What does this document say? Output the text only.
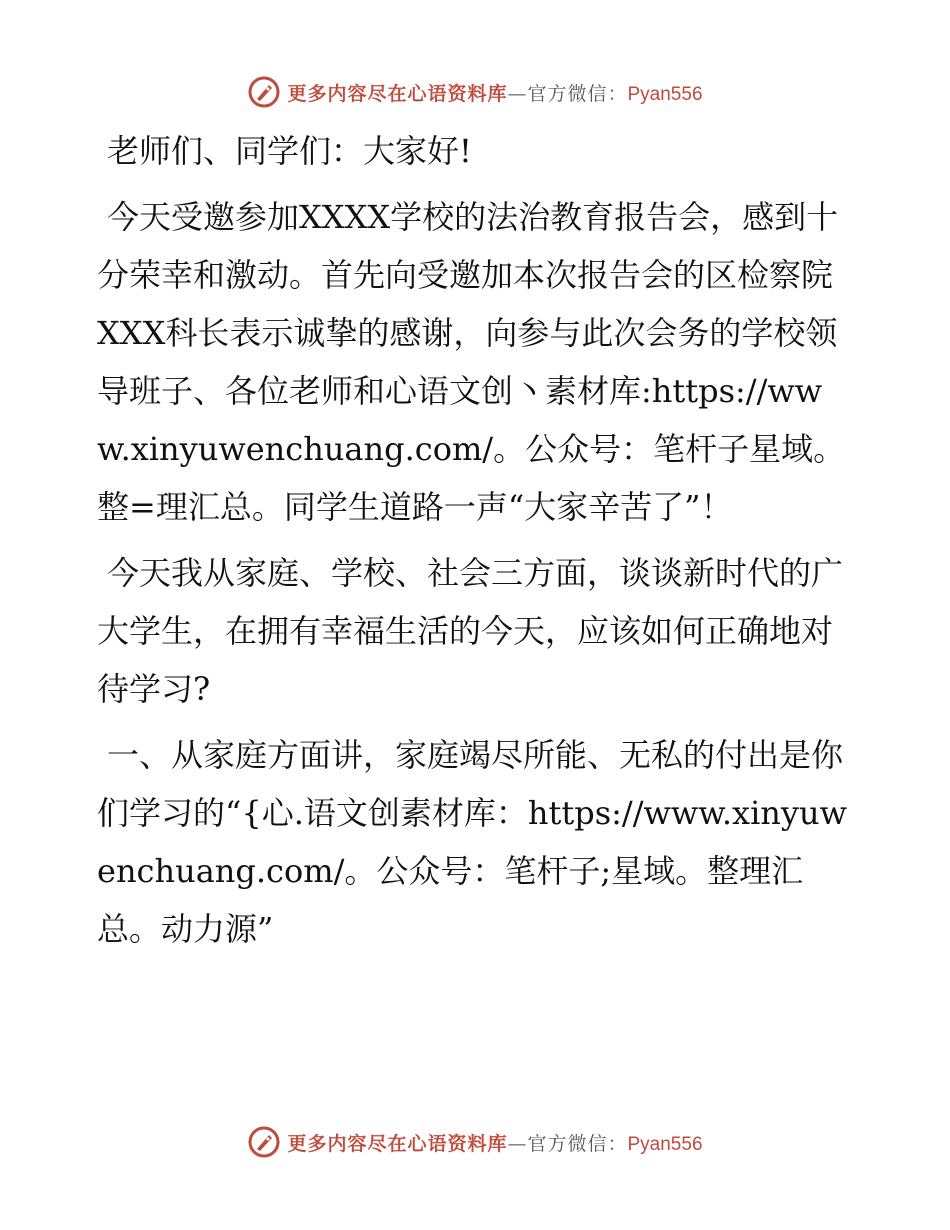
更多内容尽在心语资料库—官方微信：Pyan556

老师们、同学们：大家好!

今天受邀参加XXXX学校的法治教育报告会，感到十分荣幸和激动。首先向受邀加本次报告会的区检察院XXX科长表示诚挚的感谢，向参与此次会务的学校领导班子、各位老师和心语文创丶素材库:https://www.xinyuwenchuang.com/。公众号：笔杆子星域。整=理汇总。同学生道路一声“大家辛苦了”！

今天我从家庭、学校、社会三方面，谈谈新时代的广大学生，在拥有幸福生活的今天，应该如何正确地对待学习?

一、从家庭方面讲，家庭竭尽所能、无私的付出是你们学习的“{心.语文创素材库：https://www.xinyuwenchuang.com/。公众号：笔杆子;星域。整理汇总。动力源”

更多内容尽在心语资料库—官方微信：Pyan556
